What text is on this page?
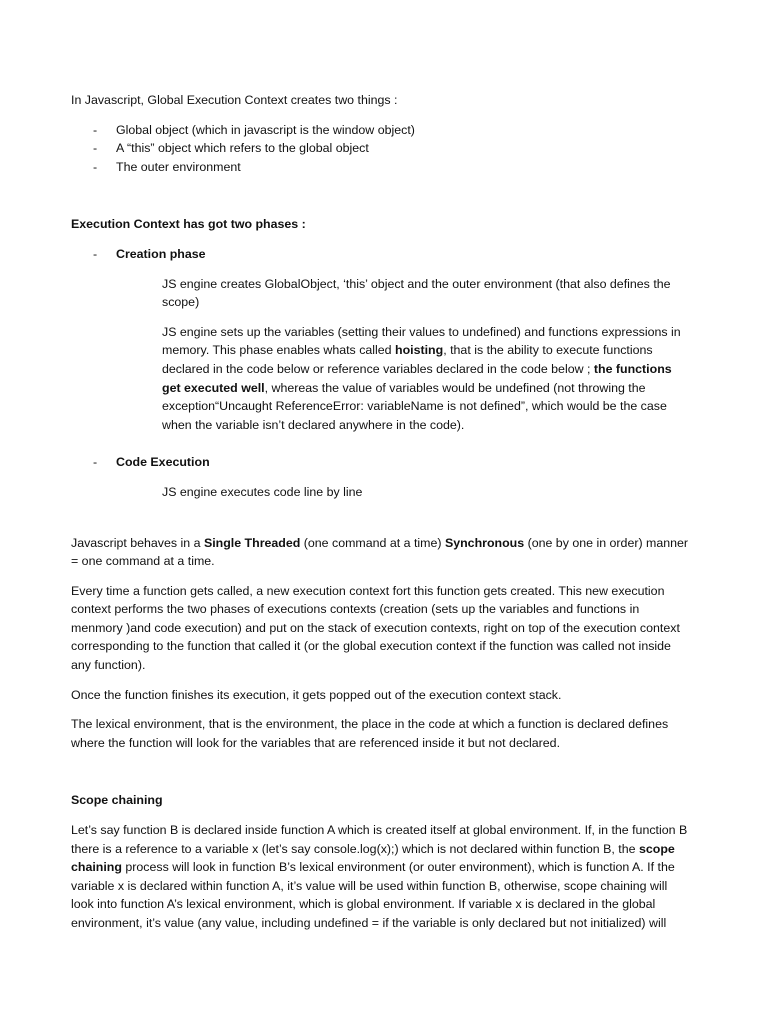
In Javascript, Global Execution Context creates two things :

-	Global object (which in javascript is the window object)
-	A “this” object which refers to the global object
-	The outer environment

Execution Context has got two phases :

-	Creation phase

JS engine creates GlobalObject, ‘this’ object and the outer environment (that also defines the scope)

JS engine sets up the variables (setting their values to undefined) and functions expressions in memory. This phase enables whats called hoisting, that is the ability to execute functions declared in the code below or reference variables declared in the code below ; the functions get executed well, whereas the value of variables would be undefined (not throwing the exception“Uncaught ReferenceError: variableName is not defined”, which would be the case when the variable isn’t declared anywhere in the code).

-	Code Execution

JS engine executes code line by line

Javascript behaves in a Single Threaded (one command at a time) Synchronous (one by one in order) manner = one command at a time.

Every time a function gets called, a new execution context fort this function gets created. This new execution context performs the two phases of executions contexts (creation (sets up the variables and functions in menmory )and code execution) and put on the stack of execution contexts, right on top of the execution context corresponding to the function that called it (or the global execution context if the function was called not inside any function).

Once the function finishes its execution, it gets popped out of the execution context stack.

The lexical environment, that is the environment, the place in the code at which a function is declared defines where the function will look for the variables that are referenced inside it but not declared.

Scope chaining

Let’s say function B is declared inside function A which is created itself at global environment. If, in the function B there is a reference to a variable x (let’s say console.log(x);) which is not declared within function B, the scope chaining process will look in function B’s lexical environment (or outer environment), which is function A. If the variable x is declared within function A, it’s value will be used within function B, otherwise, scope chaining will look into function A’s lexical environment, which is global environment. If variable x is declared in the global environment, it’s value (any value, including undefined = if the variable is only declared but not initialized) will
